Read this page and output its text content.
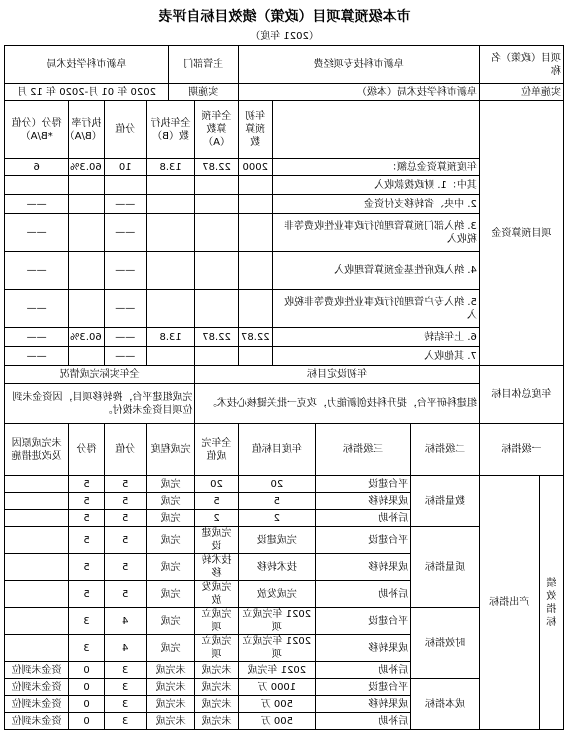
市本级预算项目（政策）绩效目标自评表
（2021 年度）
项目（政策）名称		阜新市科技专项经费				主管部门		阜新市科学技术局			
实施单位		阜新市科学技术局（本级）				实施期		2020 年 01 月-2020 年 12 月			
项目预算资金					年初预算数	全年预算数（A）	全年执行数（B）		分值	执行率（B/A）	得分（分值*B/A）
		年度预算资金总额：			2000	22.87	13.8		10	60.3%	6
		其中：1. 财政拨款收入									
		2. 中央、省转移支付资金							——		——
		3. 纳入部门预算管理的行政事业性收费等非税收入							——		——
		4. 纳入政府性基金预算管理收入							——		——
		5. 纳入专户管理的行政事业性收费等非税收入							——		——
		6. 上年结转			22.87	22.87	13.8		——	60.3%	——
		7. 其他收入							——		——
年度总体目标		年初设定目标					全年实际完成情况				
		组建科研平台，提升科技创新能力，攻克一批关键核心技术。					完成组建平台，搀转移项目，因资金未到位项目资金未拨付。				
一级指标		二级指标	三级指标	年度目标值		全年完成值	完成程度		分值	得分	未完成原因及改进措施
绩效指标	产出指标	数量指标	平台建设	20		20	完成		5	5	
			成果转移	5		5	完成		5	5	
			后补助	2		2	完成		5	5	
		质量指标	平台建设	完成建设		完成建设	完成		5	5	
			成果转移	技术转移		技术转移	完成		5	5	
			后补助	完成发放		完成发放	完成		5	5	
		时效指标	平台建设	2021 年完成立项		完成立项	完成		4	3	
			成果转移	2021 年完成立项		完成立项	完成		4	3	
			后补助	2021 年完成		未完成	未完成		3	0	资金未到位
		成本指标	平台建设	1000 万		未完成	未完成		3	0	资金未到位
			成果转移	500 万		未完成	未完成		3	0	资金未到位
			后补助	500 万		未完成	未完成		3	0	资金未到位
